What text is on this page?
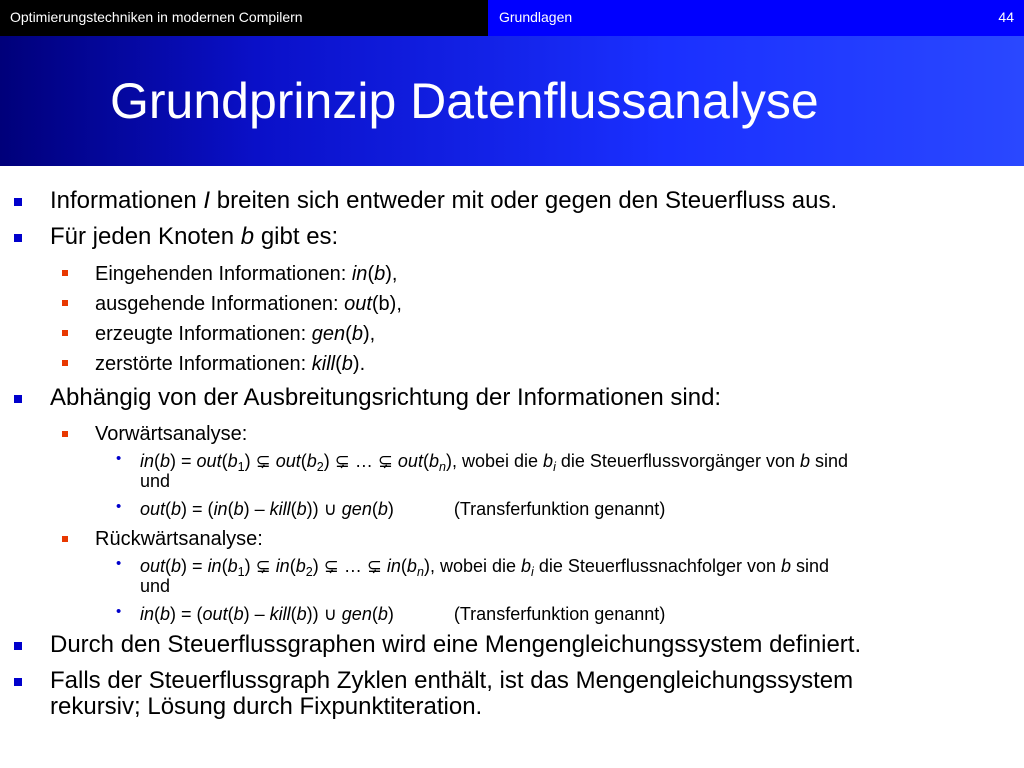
Optimierungstechniken in modernen Compilern	Grundlagen	44
Grundprinzip Datenflussanalyse
Informationen I breiten sich entweder mit oder gegen den Steuerfluss aus.
Für jeden Knoten b gibt es:
Eingehenden Informationen: in(b),
ausgehende Informationen: out(b),
erzeugte Informationen: gen(b),
zerstörte Informationen: kill(b).
Abhängig von der Ausbreitungsrichtung der Informationen sind:
Vorwärtsanalyse:
• $in(b) = out(b_1)$ ⊊ $out(b_2)$ ⊊ … ⊊ $out(b_n)$, wobei die $b_i$ die Steuerflussvorgänger von b sind
und
• out(b) = (in(b) – kill(b)) ∪ gen(b)	(Transferfunktion genannt)
Rückwärtsanalyse:
• $out(b) = in(b_1)$ ⊊ $in(b_2)$ ⊊ … ⊊ $in(b_n)$, wobei die $b_i$ die Steuerflussnachfolger von b sind
und
• in(b) = (out(b) – kill(b)) ∪ gen(b)	(Transferfunktion genannt)
Durch den Steuerflussgraphen wird eine Mengengleichungssystem definiert.
Falls der Steuerflussgraph Zyklen enthält, ist das Mengengleichungssystem
rekursiv; Lösung durch Fixpunktiteration.
